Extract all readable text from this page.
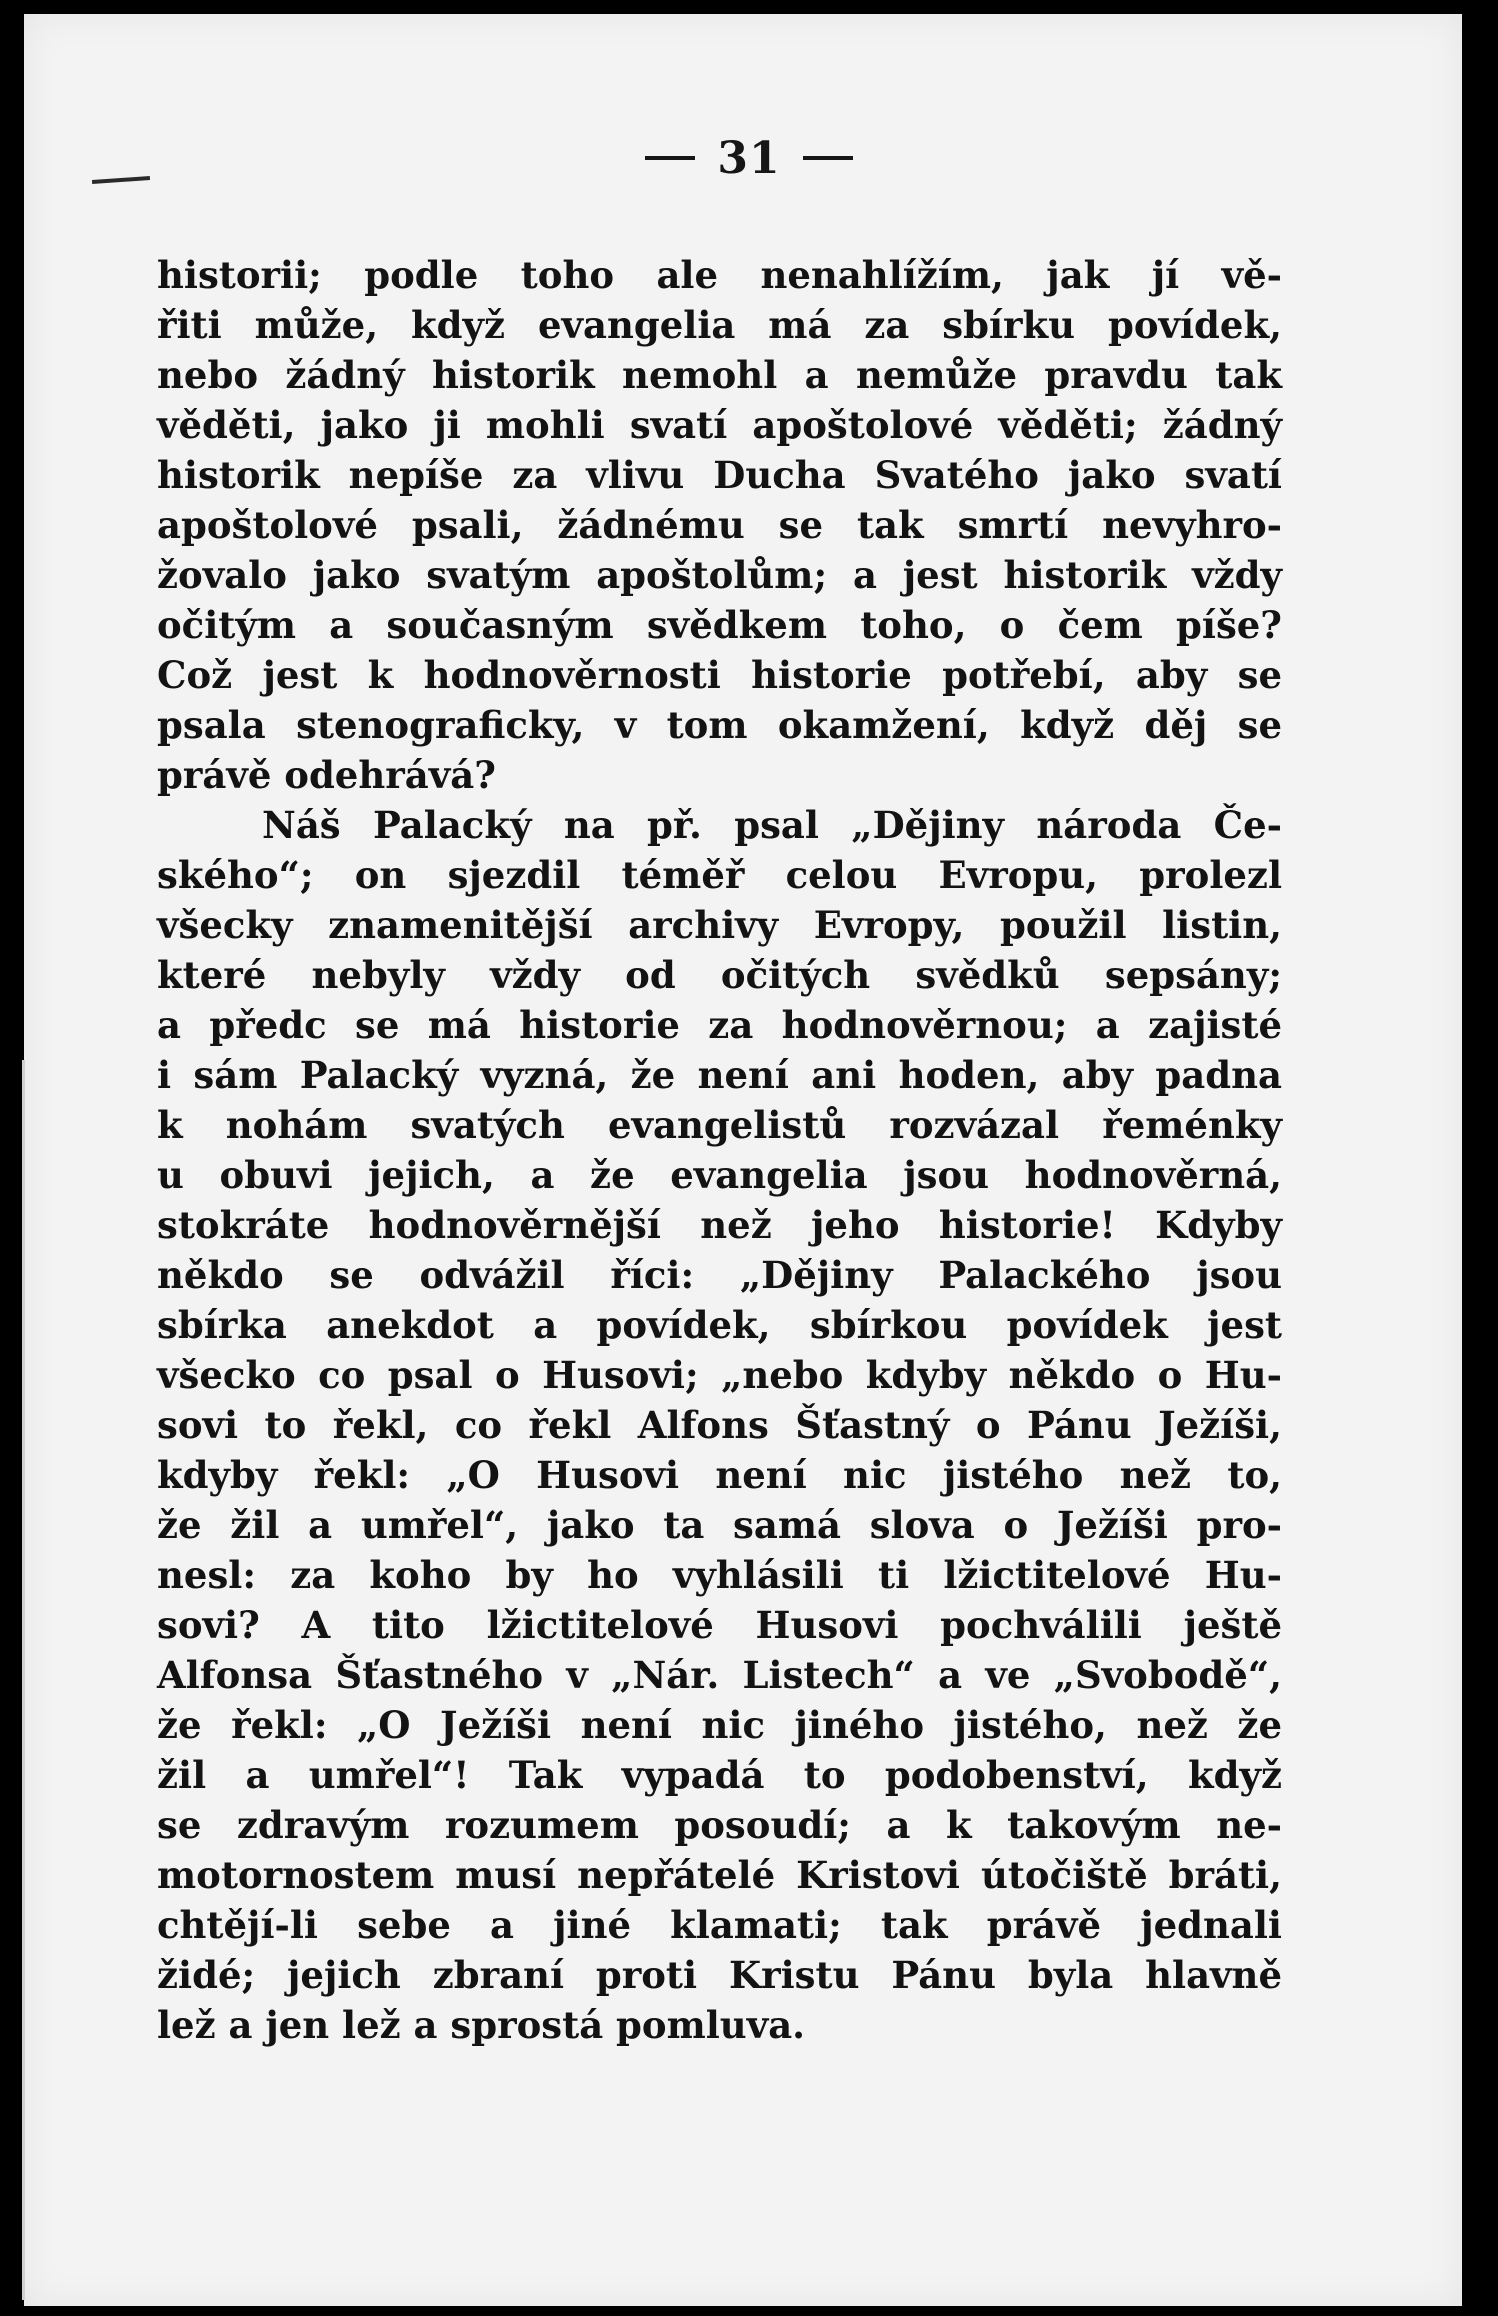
31
historii; podle toho ale nenahlížím, jak jí vě-
řiti může, když evangelia má za sbírku povídek,
nebo žádný historik nemohl a nemůže pravdu tak
věděti, jako ji mohli svatí apoštolové věděti; žádný
historik nepíše za vlivu Ducha Svatého jako svatí
apoštolové psali, žádnému se tak smrtí nevyhro-
žovalo jako svatým apoštolům; a jest historik vždy
očitým a současným svědkem toho, o čem píše?
Což jest k hodnověrnosti historie potřebí, aby se
psala stenograficky, v tom okamžení, když děj se
právě odehrává?
Náš Palacký na př. psal „Dějiny národa Če-
ského“; on sjezdil téměř celou Evropu, prolezl
všecky znamenitější archivy Evropy, použil listin,
které nebyly vždy od očitých svědků sepsány;
a předc se má historie za hodnověrnou; a zajisté
i sám Palacký vyzná, že není ani hoden, aby padna
k nohám svatých evangelistů rozvázal řeménky
u obuvi jejich, a že evangelia jsou hodnověrná,
stokráte hodnověrnější než jeho historie! Kdyby
někdo se odvážil říci: „Dějiny Palackého jsou
sbírka anekdot a povídek, sbírkou povídek jest
všecko co psal o Husovi; „nebo kdyby někdo o Hu-
sovi to řekl, co řekl Alfons Šťastný o Pánu Ježíši,
kdyby řekl: „O Husovi není nic jistého než to,
že žil a umřel“, jako ta samá slova o Ježíši pro-
nesl: za koho by ho vyhlásili ti lžictitelové Hu-
sovi? A tito lžictitelové Husovi pochválili ještě
Alfonsa Šťastného v „Nár. Listech“ a ve „Svobodě“,
že řekl: „O Ježíši není nic jiného jistého, než že
žil a umřel“! Tak vypadá to podobenství, když
se zdravým rozumem posoudí; a k takovým ne-
motornostem musí nepřátelé Kristovi útočiště bráti,
chtějí-li sebe a jiné klamati; tak právě jednali
židé; jejich zbraní proti Kristu Pánu byla hlavně
lež a jen lež a sprostá pomluva.
